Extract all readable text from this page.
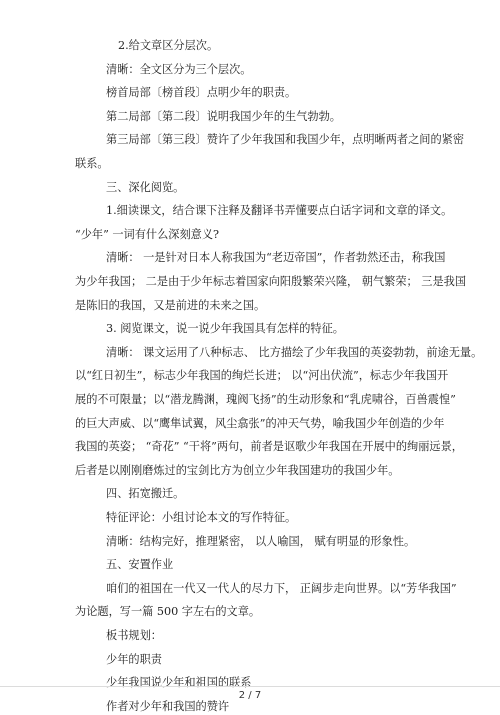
2.给文章区分层次。

清晰：全文区分为三个层次。

榜首局部〔榜首段〕点明少年的职责。

第二局部〔第二段〕说明我国少年的生气勃勃。

第三局部〔第三段〕赞许了少年我国和我国少年，点明晰两者之间的紧密

联系。

三、深化阅览。

1.细读课文，结合课下注释及翻译书弄懂要点白话字词和文章的译文。

“少年” 一词有什么深刻意义?

清晰： 一是针对日本人称我国为“老迈帝国”，作者勃然还击，称我国

为少年我国； 二是由于少年标志着国家向阳殷繁荣兴隆， 朝气繁荣； 三是我国

是陈旧的我国，又是前进的未来之国。

3. 阅览课文，说一说少年我国具有怎样的特征。

清晰： 课文运用了八种标志、 比方描绘了少年我国的英姿勃勃，前途无量。

以“红日初生”，标志少年我国的绚烂长进； 以“河出伏流”，标志少年我国开

展的不可限量；以“潜龙腾渊，瑰阀飞扬”的生动形象和“乳虎啸谷，百兽震惶”

的巨大声威、以“鹰隼试翼，风尘翕张”的冲天气势，喻我国少年创造的少年

我国的英姿； “奇花” “干将”两句，前者是讴歌少年我国在开展中的绚丽远景，

后者是以刚刚磨炼过的宝剑比方为创立少年我国建功的我国少年。

四、拓宽搬迁。

特征评论：小组讨论本文的写作特征。

清晰：结构完好，推理紧密， 以人喻国， 赋有明显的形象性。

五、安置作业

咱们的祖国在一代又一代人的尽力下， 正阔步走向世界。以“芳华我国”

为论题，写一篇 500 字左右的文章。

板书规划：

少年的职责

少年我国说少年和祖国的联系

作者对少年和我国的赞许

2 / 7
